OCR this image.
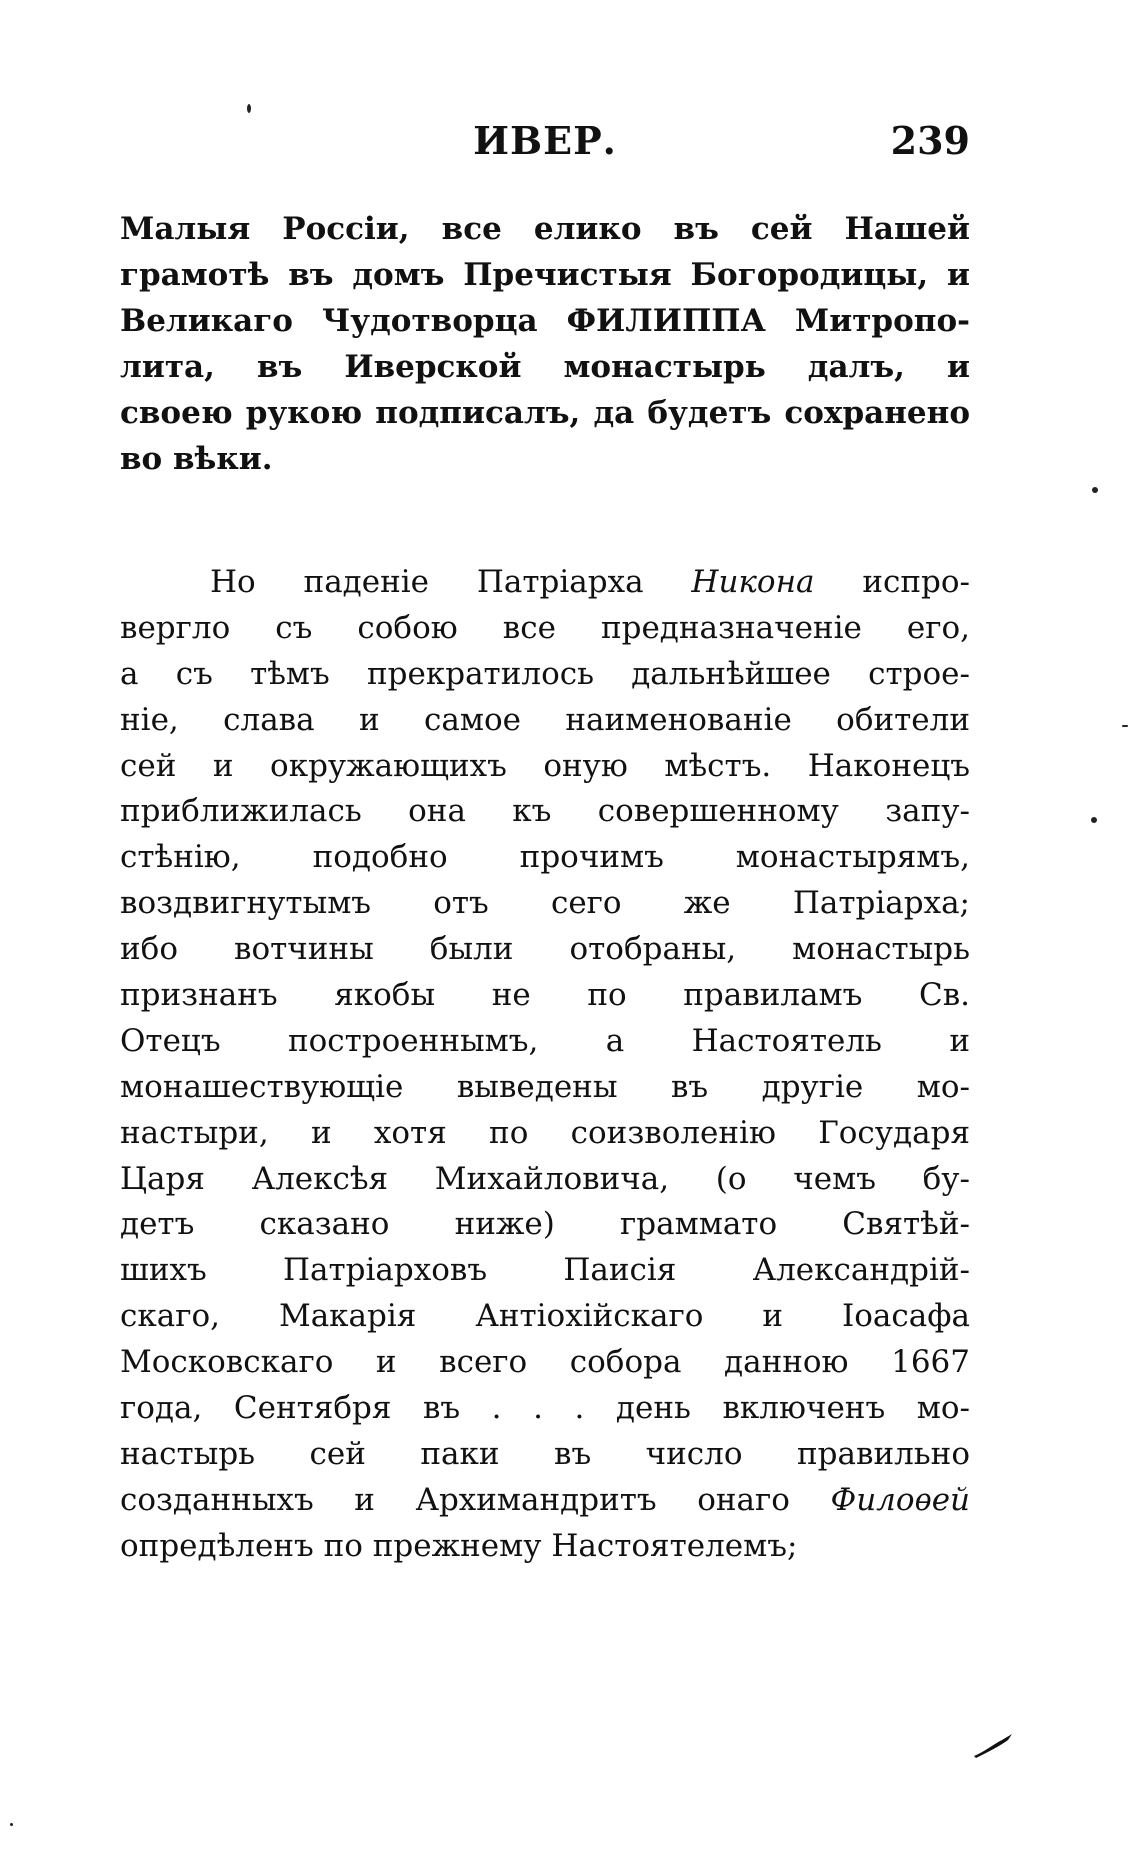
ИВЕР.	239
Малыя Россiи, все елико въ сей Нашей
грамотѣ въ домъ Пречистыя Богородицы, и
Великаго Чудотворца ФИЛИППА Митропо-
лита, въ Иверской монастырь далъ, и
своею рукою подписалъ, да будетъ сохранено
во вѣки.
Но паденiе Патрiарха Никона испро-
вергло съ собою все предназначенiе его,
а съ тѣмъ прекратилось дальнѣйшее строе-
нiе, слава и самое наименованiе обители
сей и окружающихъ оную мѣстъ. Наконецъ
приближилась она къ совершенному запу-
стѣнiю, подобно прочимъ монастырямъ,
воздвигнутымъ отъ сего же Патрiарха;
ибо вотчины были отобраны, монастырь
признанъ якобы не по правиламъ Св.
Отецъ построеннымъ, а Настоятель и
монашествующiе выведены въ другiе мо-
настыри, и хотя по соизволенiю Государя
Царя Алексѣя Михайловича, (о чемъ бу-
детъ сказано ниже) граммато Святѣй-
шихъ Патрiарховъ Паисiя Александрiй-
скаго, Макарiя Антiохiйскаго и Iоасафа
Московскаго и всего собора данною 1667
года, Сентября въ . . . день включенъ мо-
настырь сей паки въ число правильно
созданныхъ и Архимандритъ онаго Филоѳей
опредѣленъ по прежнему Настоятелемъ;
